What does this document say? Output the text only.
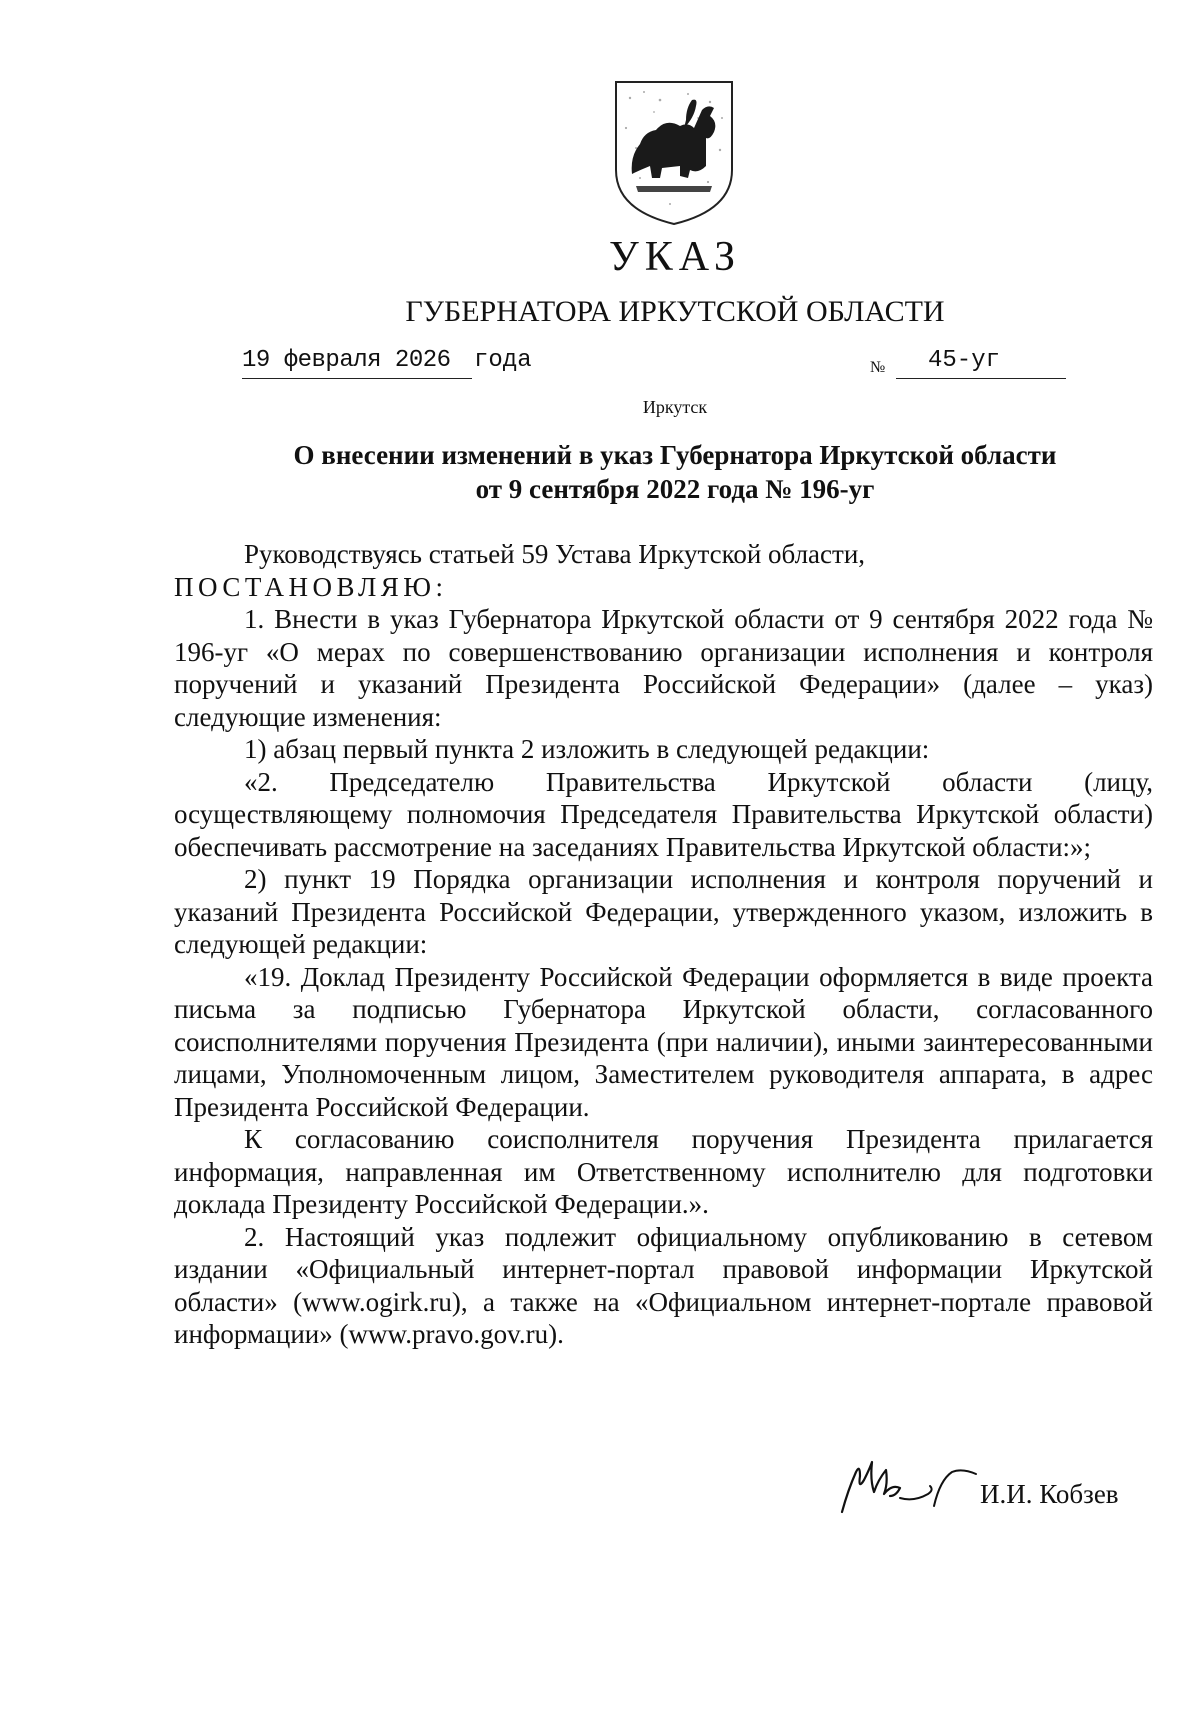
УКАЗ
ГУБЕРНАТОРА ИРКУТСКОЙ ОБЛАСТИ
19 февраля 2026 года	№	45-уг
Иркутск
О внесении изменений в указ Губернатора Иркутской области
от 9 сентября 2022 года № 196-уг

Руководствуясь статьей 59 Устава Иркутской области,

ПОСТАНОВЛЯЮ:

1. Внести в указ Губернатора Иркутской области от 9 сентября 2022 года № 196-уг «О мерах по совершенствованию организации исполнения и контроля поручений и указаний Президента Российской Федерации» (далее – указ) следующие изменения:

1) абзац первый пункта 2 изложить в следующей редакции:

«2. Председателю Правительства Иркутской области (лицу, осуществляющему полномочия Председателя Правительства Иркутской области) обеспечивать рассмотрение на заседаниях Правительства Иркутской области:»;

2) пункт 19 Порядка организации исполнения и контроля поручений и указаний Президента Российской Федерации, утвержденного указом, изложить в следующей редакции:

«19. Доклад Президенту Российской Федерации оформляется в виде проекта письма за подписью Губернатора Иркутской области, согласованного соисполнителями поручения Президента (при наличии), иными заинтересованными лицами, Уполномоченным лицом, Заместителем руководителя аппарата, в адрес Президента Российской Федерации.

К согласованию соисполнителя поручения Президента прилагается информация, направленная им Ответственному исполнителю для подготовки доклада Президенту Российской Федерации.».

2. Настоящий указ подлежит официальному опубликованию в сетевом издании «Официальный интернет-портал правовой информации Иркутской области» (www.ogirk.ru), а также на «Официальном интернет-портале правовой информации» (www.pravo.gov.ru).

И.И. Кобзев
